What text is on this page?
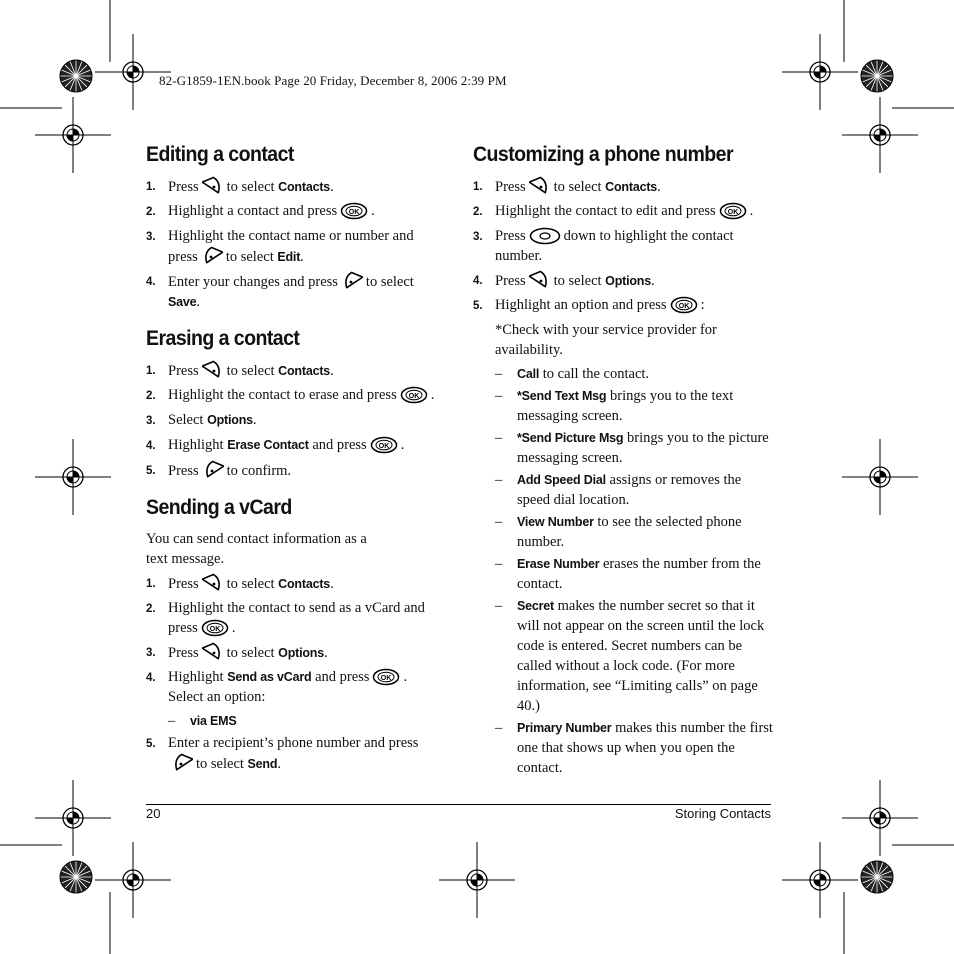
82-G1859-1EN.book Page 20 Friday, December 8, 2006 2:39 PM
Editing a contact
1. Press to select Contacts.
2. Highlight a contact and press OK .
3. Highlight the contact name or number and press to select Edit.
4. Enter your changes and press to select Save.
Erasing a contact
1. Press to select Contacts.
2. Highlight the contact to erase and press OK .
3. Select Options.
4. Highlight Erase Contact and press OK .
5. Press to confirm.
Sending a vCard
You can send contact information as a text message.
1. Press to select Contacts.
2. Highlight the contact to send as a vCard and press OK .
3. Press to select Options.
4. Highlight Send as vCard and press OK .
Select an option:
–	via EMS
5. Enter a recipient’s phone number and press

to select Send.
Customizing a phone number
1. Press to select Contacts.
2. Highlight the contact to edit and press OK .
3. Press	down to highlight the contact number.
4. Press to select Options.
5. Highlight an option and press OK :
*Check with your service provider for availability.
–	Call to call the contact.
–	*Send Text Msg brings you to the text messaging screen.
–	*Send Picture Msg brings you to the picture messaging screen.
–	Add Speed Dial assigns or removes the speed dial location.
–	View Number to see the selected phone number.
–	Erase Number erases the number from the contact.
–	Secret makes the number secret so that it will not appear on the screen until the lock code is entered. Secret numbers can be called without a lock code. (For more information, see “Limiting calls” on page 40.)
–	Primary Number makes this number the first one that shows up when you open the contact.
20	Storing Contacts
